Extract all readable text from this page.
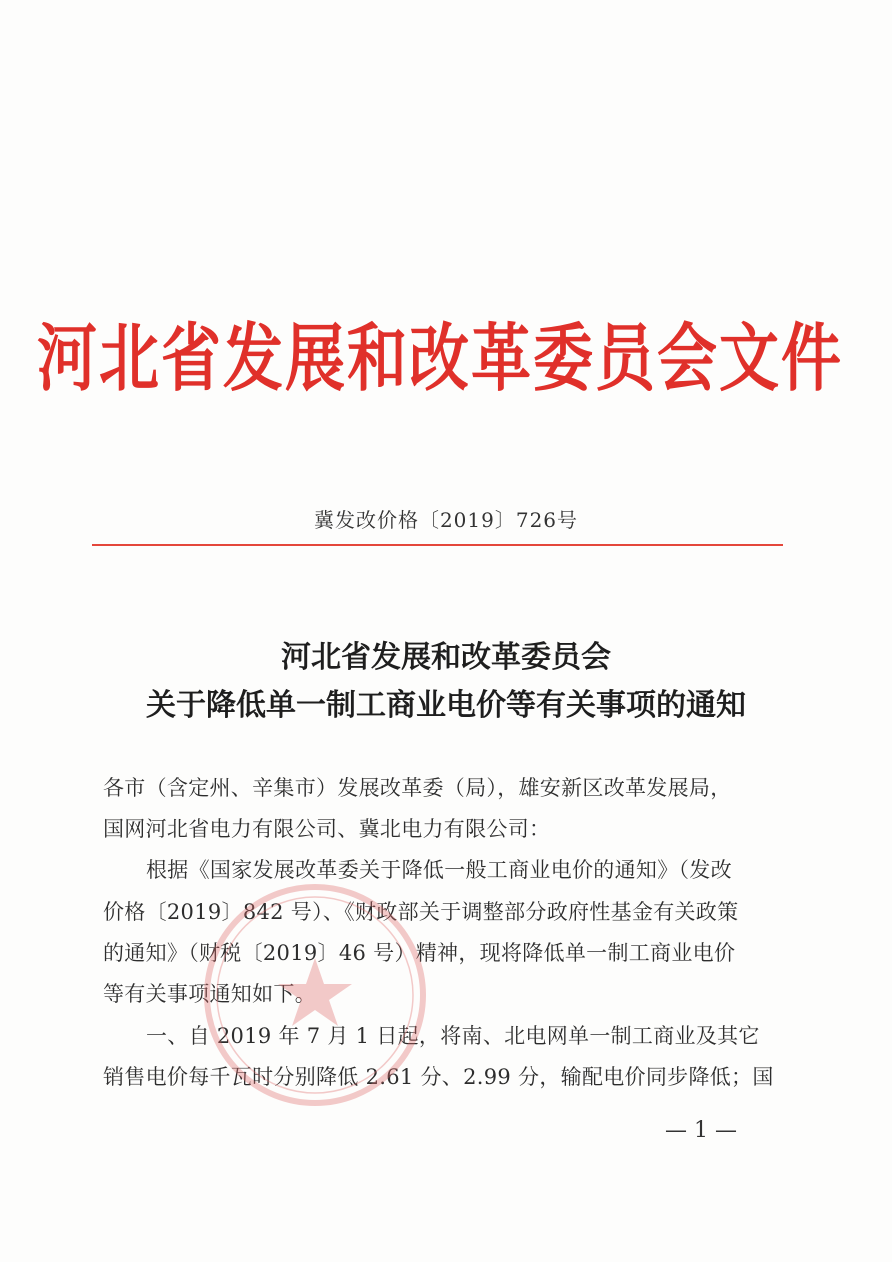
河北省发展和改革委员会文件
冀发改价格〔2019〕726号
河北省发展和改革委员会
关于降低单一制工商业电价等有关事项的通知
各市（含定州、辛集市）发展改革委（局），雄安新区改革发展局，
国网河北省电力有限公司、冀北电力有限公司：
根据《国家发展改革委关于降低一般工商业电价的通知》（发改
价格〔2019〕842 号）、《财政部关于调整部分政府性基金有关政策
的通知》（财税〔2019〕46 号）精神，现将降低单一制工商业电价
等有关事项通知如下。
一、自 2019 年 7 月 1 日起，将南、北电网单一制工商业及其它
销售电价每千瓦时分别降低 2.61 分、2.99 分，输配电价同步降低；国
— 1 —
